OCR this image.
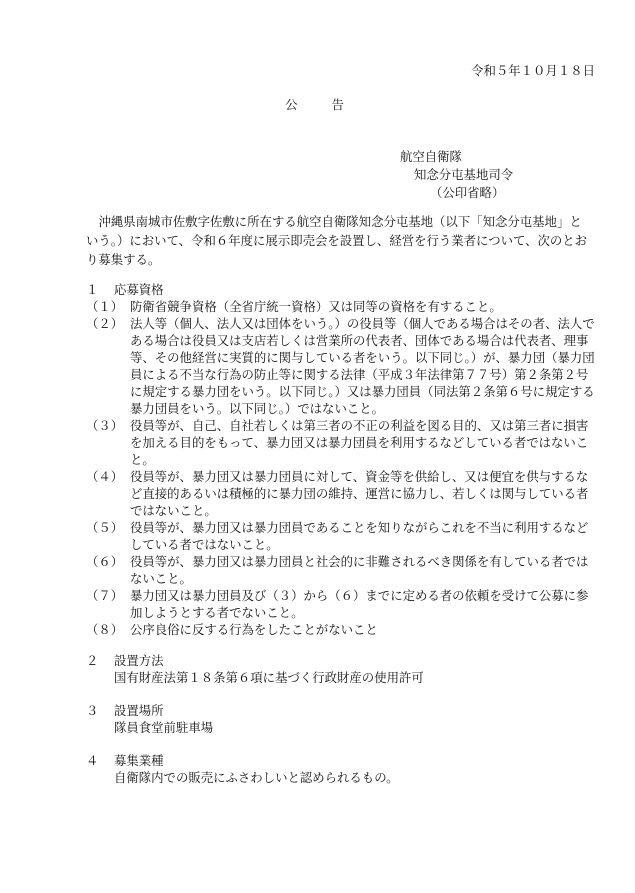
令和５年１０月１８日
公告
航空自衛隊
知念分屯基地司令
（公印省略）
沖縄県南城市佐敷字佐敷に所在する航空自衛隊知念分屯基地（以下「知念分屯基地」という。）において、令和６年度に展示即売会を設置し、経営を行う業者について、次のとおり募集する。
１ 応募資格
（１） 防衛省競争資格（全省庁統一資格）又は同等の資格を有すること。
（２） 法人等（個人、法人又は団体をいう。）の役員等（個人である場合はその者、法人である場合は役員又は支店若しくは営業所の代表者、団体である場合は代表者、理事等、その他経営に実質的に関与している者をいう。以下同じ。）が、暴力団（暴力団員による不当な行為の防止等に関する法律（平成３年法律第７７号）第２条第２号に規定する暴力団をいう。以下同じ。）又は暴力団員（同法第２条第６号に規定する暴力団員をいう。以下同じ。）ではないこと。
（３） 役員等が、自己、自社若しくは第三者の不正の利益を図る目的、又は第三者に損害を加える目的をもって、暴力団又は暴力団員を利用するなどしている者ではないこと。
（４） 役員等が、暴力団又は暴力団員に対して、資金等を供給し、又は便宜を供与するなど直接的あるいは積極的に暴力団の維持、運営に協力し、若しくは関与している者ではないこと。
（５） 役員等が、暴力団又は暴力団員であることを知りながらこれを不当に利用するなどしている者ではないこと。
（６） 役員等が、暴力団又は暴力団員と社会的に非難されるべき関係を有している者ではないこと。
（７） 暴力団又は暴力団員及び（３）から（６）までに定める者の依頼を受けて公募に参加しようとする者でないこと。
（８） 公序良俗に反する行為をしたことがないこと
２ 設置方法
国有財産法第１８条第６項に基づく行政財産の使用許可
３ 設置場所
隊員食堂前駐車場
４ 募集業種
自衛隊内での販売にふさわしいと認められるもの。
